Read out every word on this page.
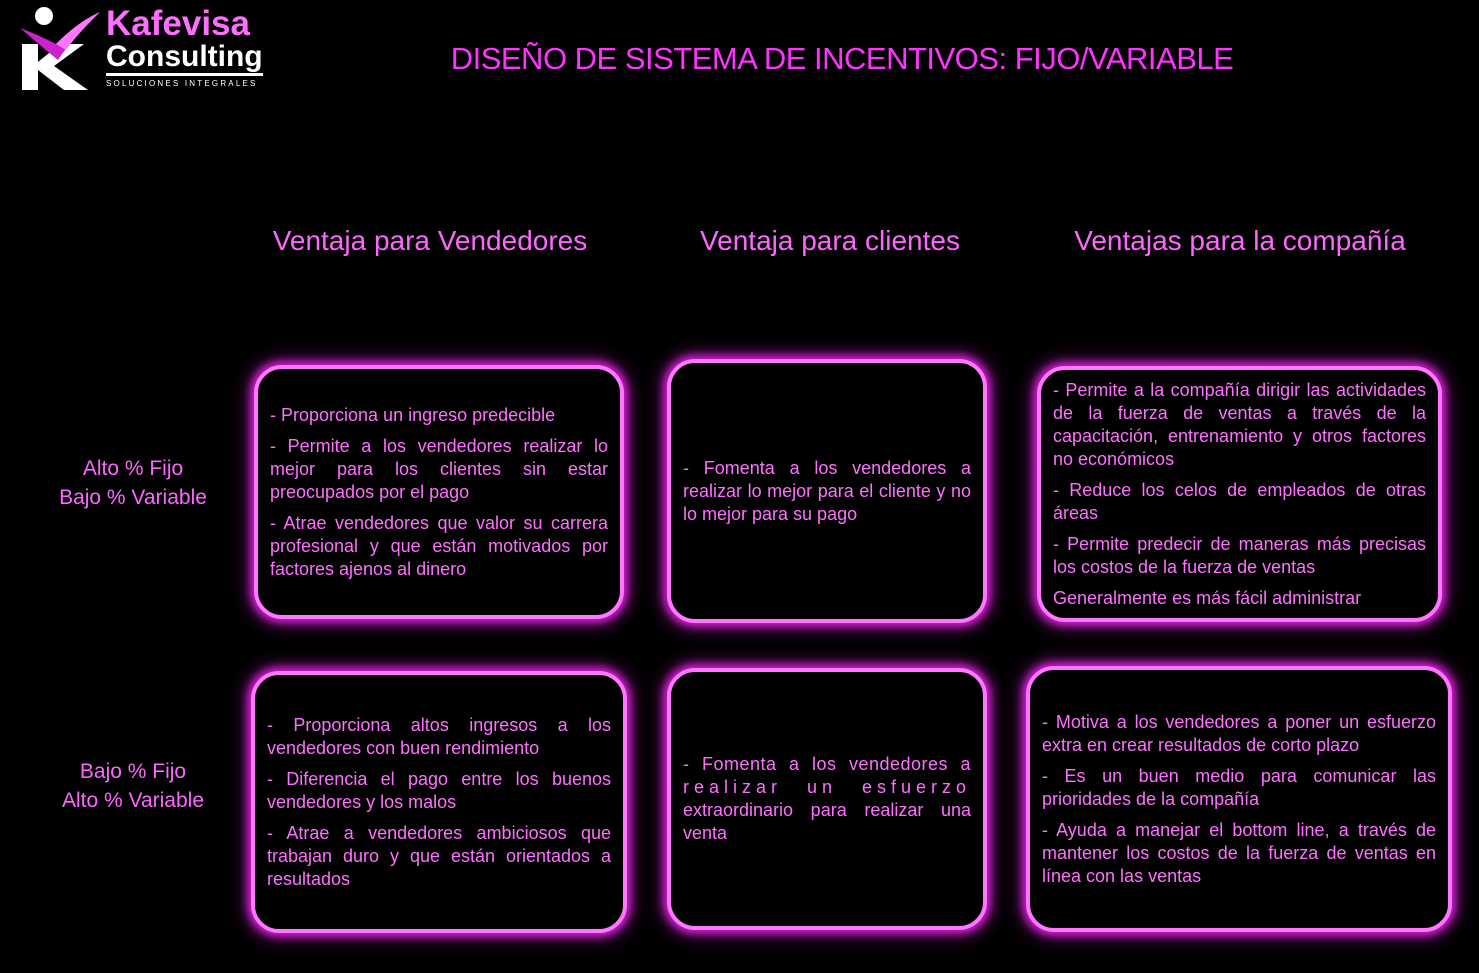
Kafevisa
Consulting
SOLUCIONES INTEGRALES
DISEÑO DE SISTEMA DE INCENTIVOS: FIJO/VARIABLE
Ventaja para Vendedores	Ventaja para clientes	Ventajas para la compañía
Alto % Fijo
Bajo % Variable
Bajo % Fijo
Alto % Variable

- Proporciona un ingreso predecible

- Permite a los vendedores realizar lo mejor para los clientes sin estar preocupados por el pago

- Atrae vendedores que valor su carrera profesional y que están motivados por factores ajenos al dinero

- Fomenta a los vendedores a realizar lo mejor para el cliente y no lo mejor para su pago

- Permite a la compañía dirigir las actividades de la fuerza de ventas a través de la capacitación, entrenamiento y otros factores no económicos

- Reduce los celos de empleados de otras áreas

- Permite predecir de maneras más precisas los costos de la fuerza de ventas

Generalmente es más fácil administrar

- Proporciona altos ingresos a los vendedores con buen rendimiento

- Diferencia el pago entre los buenos vendedores y los malos

- Atrae a vendedores ambiciosos que trabajan duro y que están orientados a resultados

- Fomenta a los vendedores a
realizar un esfuerzo
extraordinario para realizar una venta

- Motiva a los vendedores a poner un esfuerzo extra en crear resultados de corto plazo

- Es un buen medio para comunicar las prioridades de la compañía

- Ayuda a manejar el bottom line, a través de mantener los costos de la fuerza de ventas en línea con las ventas
